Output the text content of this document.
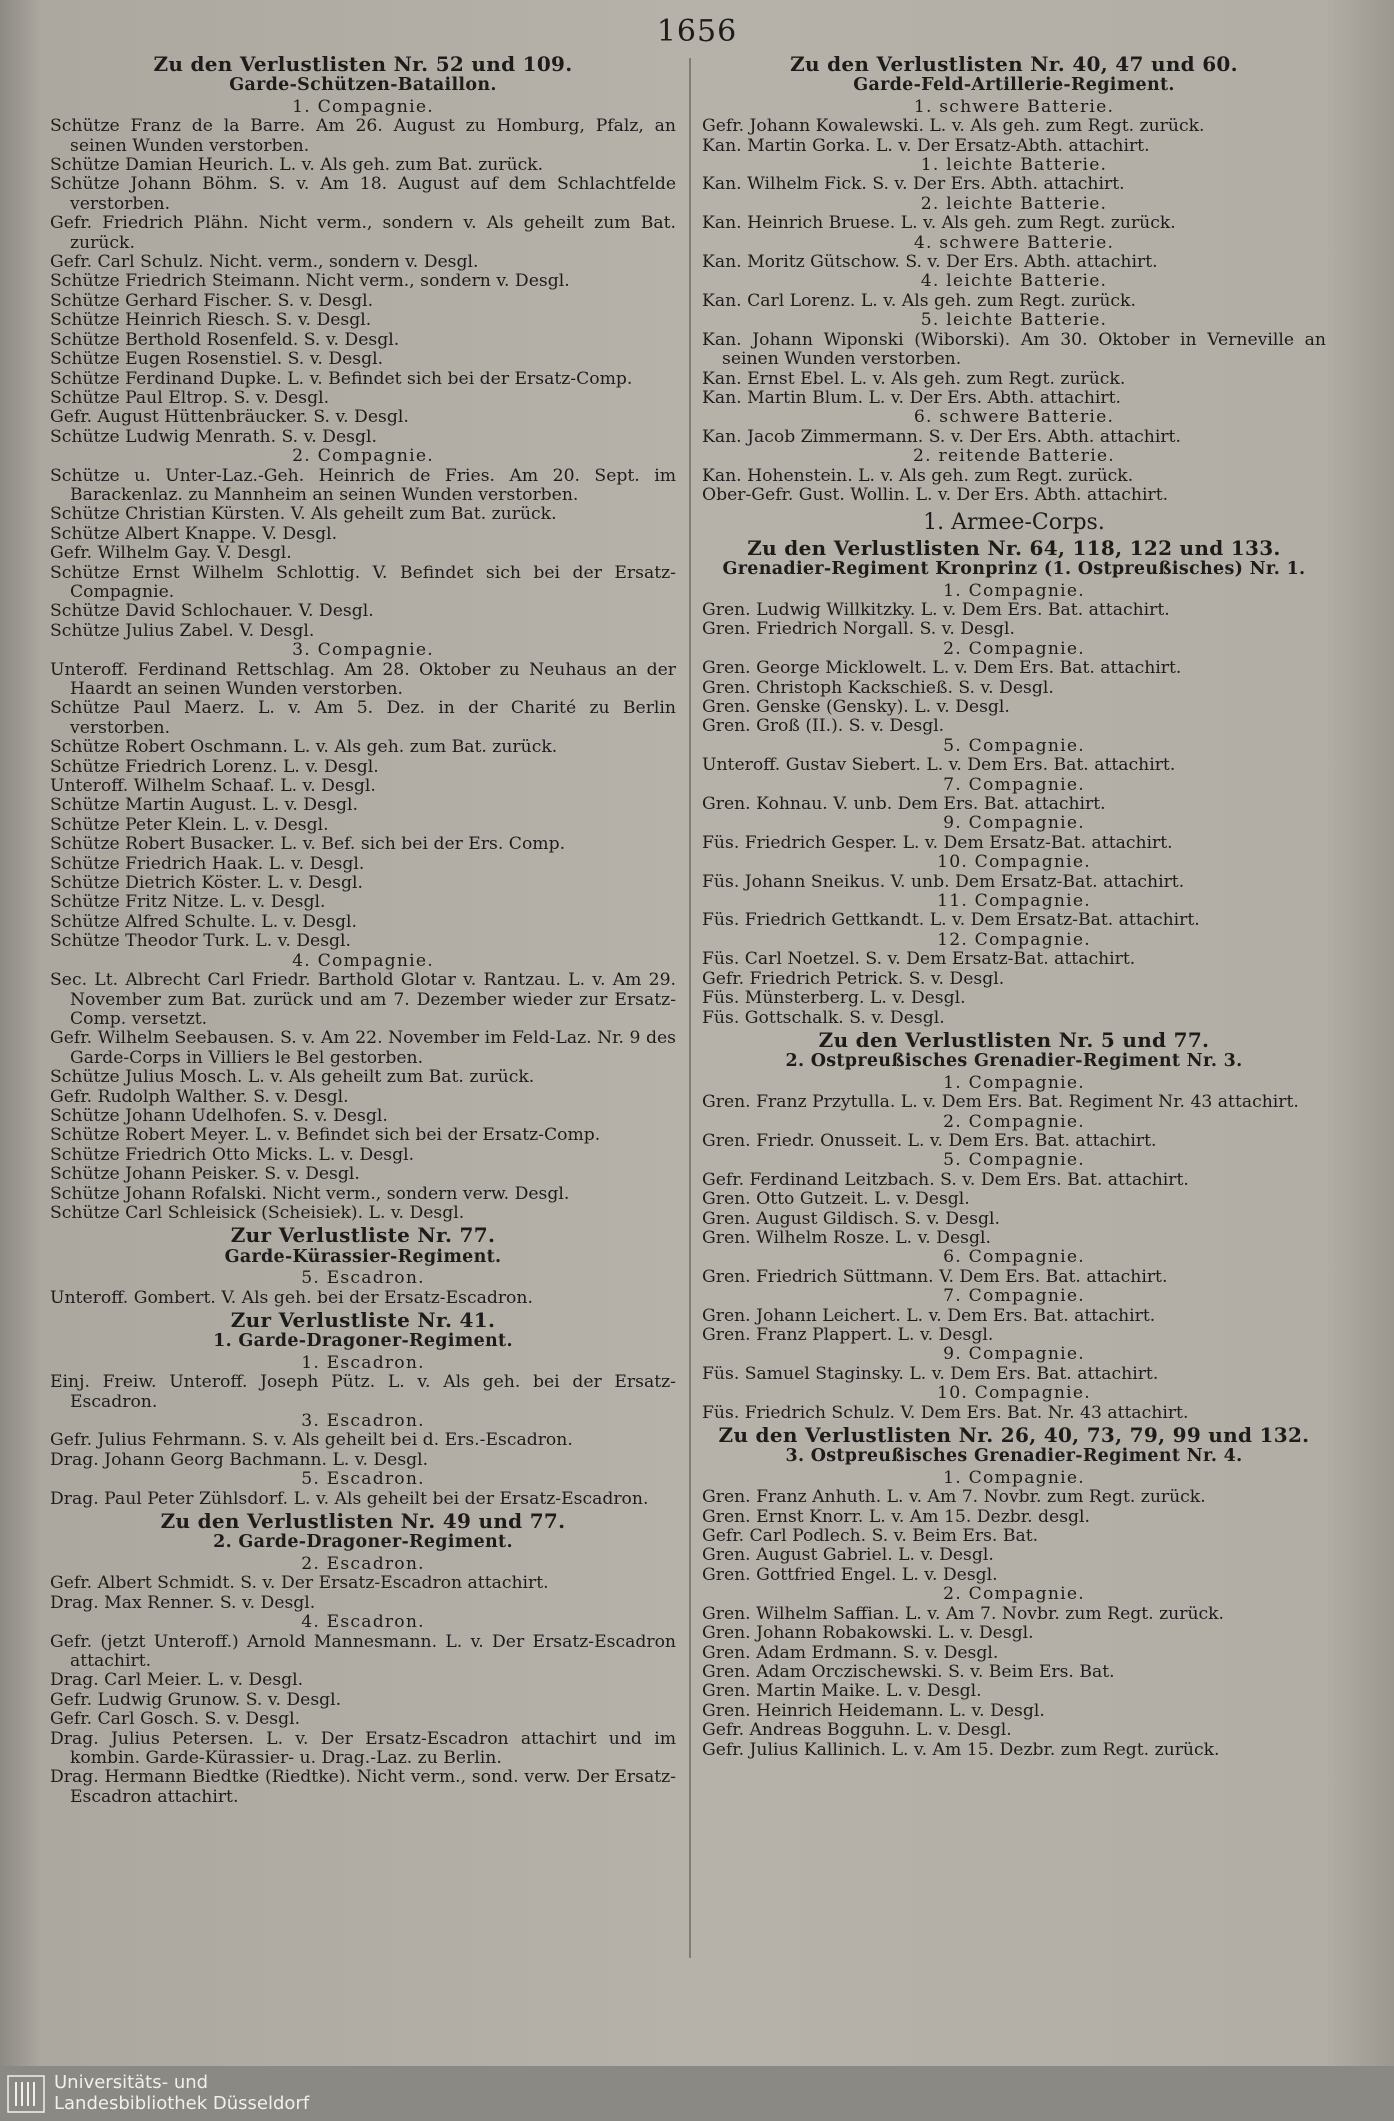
1656
Zu den Verlustlisten Nr. 52 und 109.
Garde-Schützen-Bataillon.
1. Compagnie.
Schütze Franz de la Barre. Am 26. August zu Homburg, Pfalz, an seinen Wunden verstorben.
Schütze Damian Heurich. L. v. Als geh. zum Bat. zurück.
Schütze Johann Böhm. S. v. Am 18. August auf dem Schlachtfelde verstorben.
Gefr. Friedrich Plähn. Nicht verm., sondern v. Als geheilt zum Bat. zurück.
Gefr. Carl Schulz. Nicht. verm., sondern v. Desgl.
Schütze Friedrich Steimann. Nicht verm., sondern v. Desgl.
Schütze Gerhard Fischer. S. v. Desgl.
Schütze Heinrich Riesch. S. v. Desgl.
Schütze Berthold Rosenfeld. S. v. Desgl.
Schütze Eugen Rosenstiel. S. v. Desgl.
Schütze Ferdinand Dupke. L. v. Befindet sich bei der Ersatz-Comp.
Schütze Paul Eltrop. S. v. Desgl.
Gefr. August Hüttenbräucker. S. v. Desgl.
Schütze Ludwig Menrath. S. v. Desgl.
2. Compagnie.
Schütze u. Unter-Laz.-Geh. Heinrich de Fries. Am 20. Sept. im Barackenlaz. zu Mannheim an seinen Wunden verstorben.
Schütze Christian Kürsten. V. Als geheilt zum Bat. zurück.
Schütze Albert Knappe. V. Desgl.
Gefr. Wilhelm Gay. V. Desgl.
Schütze Ernst Wilhelm Schlottig. V. Befindet sich bei der Ersatz-Compagnie.
Schütze David Schlochauer. V. Desgl.
Schütze Julius Zabel. V. Desgl.
3. Compagnie.
Unteroff. Ferdinand Rettschlag. Am 28. Oktober zu Neuhaus an der Haardt an seinen Wunden verstorben.
Schütze Paul Maerz. L. v. Am 5. Dez. in der Charité zu Berlin verstorben.
Schütze Robert Oschmann. L. v. Als geh. zum Bat. zurück.
Schütze Friedrich Lorenz. L. v. Desgl.
Unteroff. Wilhelm Schaaf. L. v. Desgl.
Schütze Martin August. L. v. Desgl.
Schütze Peter Klein. L. v. Desgl.
Schütze Robert Busacker. L. v. Bef. sich bei der Ers. Comp.
Schütze Friedrich Haak. L. v. Desgl.
Schütze Dietrich Köster. L. v. Desgl.
Schütze Fritz Nitze. L. v. Desgl.
Schütze Alfred Schulte. L. v. Desgl.
Schütze Theodor Turk. L. v. Desgl.
4. Compagnie.
Sec. Lt. Albrecht Carl Friedr. Barthold Glotar v. Rantzau. L. v. Am 29. November zum Bat. zurück und am 7. Dezember wieder zur Ersatz-Comp. versetzt.
Gefr. Wilhelm Seebausen. S. v. Am 22. November im Feld-Laz. Nr. 9 des Garde-Corps in Villiers le Bel gestorben.
Schütze Julius Mosch. L. v. Als geheilt zum Bat. zurück.
Gefr. Rudolph Walther. S. v. Desgl.
Schütze Johann Udelhofen. S. v. Desgl.
Schütze Robert Meyer. L. v. Befindet sich bei der Ersatz-Comp.
Schütze Friedrich Otto Micks. L. v. Desgl.
Schütze Johann Peisker. S. v. Desgl.
Schütze Johann Rofalski. Nicht verm., sondern verw. Desgl.
Schütze Carl Schleisick (Scheisiek). L. v. Desgl.
Zur Verlustliste Nr. 77.
Garde-Kürassier-Regiment.
5. Escadron.
Unteroff. Gombert. V. Als geh. bei der Ersatz-Escadron.
Zur Verlustliste Nr. 41.
1. Garde-Dragoner-Regiment.
1. Escadron.
Einj. Freiw. Unteroff. Joseph Pütz. L. v. Als geh. bei der Ersatz-Escadron.
3. Escadron.
Gefr. Julius Fehrmann. S. v. Als geheilt bei d. Ers.-Escadron.
Drag. Johann Georg Bachmann. L. v. Desgl.
5. Escadron.
Drag. Paul Peter Zühlsdorf. L. v. Als geheilt bei der Ersatz-Escadron.
Zu den Verlustlisten Nr. 49 und 77.
2. Garde-Dragoner-Regiment.
2. Escadron.
Gefr. Albert Schmidt. S. v. Der Ersatz-Escadron attachirt.
Drag. Max Renner. S. v. Desgl.
4. Escadron.
Gefr. (jetzt Unteroff.) Arnold Mannesmann. L. v. Der Ersatz-Escadron attachirt.
Drag. Carl Meier. L. v. Desgl.
Gefr. Ludwig Grunow. S. v. Desgl.
Gefr. Carl Gosch. S. v. Desgl.
Drag. Julius Petersen. L. v. Der Ersatz-Escadron attachirt und im kombin. Garde-Kürassier- u. Drag.-Laz. zu Berlin.
Drag. Hermann Biedtke (Riedtke). Nicht verm., sond. verw. Der Ersatz-Escadron attachirt.
Zu den Verlustlisten Nr. 40, 47 und 60.
Garde-Feld-Artillerie-Regiment.
1. schwere Batterie.
Gefr. Johann Kowalewski. L. v. Als geh. zum Regt. zurück.
Kan. Martin Gorka. L. v. Der Ersatz-Abth. attachirt.
1. leichte Batterie.
Kan. Wilhelm Fick. S. v. Der Ers. Abth. attachirt.
2. leichte Batterie.
Kan. Heinrich Bruese. L. v. Als geh. zum Regt. zurück.
4. schwere Batterie.
Kan. Moritz Gütschow. S. v. Der Ers. Abth. attachirt.
4. leichte Batterie.
Kan. Carl Lorenz. L. v. Als geh. zum Regt. zurück.
5. leichte Batterie.
Kan. Johann Wiponski (Wiborski). Am 30. Oktober in Verneville an seinen Wunden verstorben.
Kan. Ernst Ebel. L. v. Als geh. zum Regt. zurück.
Kan. Martin Blum. L. v. Der Ers. Abth. attachirt.
6. schwere Batterie.
Kan. Jacob Zimmermann. S. v. Der Ers. Abth. attachirt.
2. reitende Batterie.
Kan. Hohenstein. L. v. Als geh. zum Regt. zurück.
Ober-Gefr. Gust. Wollin. L. v. Der Ers. Abth. attachirt.
1. Armee-Corps.
Zu den Verlustlisten Nr. 64, 118, 122 und 133.
Grenadier-Regiment Kronprinz (1. Ostpreußisches) Nr. 1.
1. Compagnie.
Gren. Ludwig Willkitzky. L. v. Dem Ers. Bat. attachirt.
Gren. Friedrich Norgall. S. v. Desgl.
2. Compagnie.
Gren. George Micklowelt. L. v. Dem Ers. Bat. attachirt.
Gren. Christoph Kackschieß. S. v. Desgl.
Gren. Genske (Gensky). L. v. Desgl.
Gren. Groß (II.). S. v. Desgl.
5. Compagnie.
Unteroff. Gustav Siebert. L. v. Dem Ers. Bat. attachirt.
7. Compagnie.
Gren. Kohnau. V. unb. Dem Ers. Bat. attachirt.
9. Compagnie.
Füs. Friedrich Gesper. L. v. Dem Ersatz-Bat. attachirt.
10. Compagnie.
Füs. Johann Sneikus. V. unb. Dem Ersatz-Bat. attachirt.
11. Compagnie.
Füs. Friedrich Gettkandt. L. v. Dem Ersatz-Bat. attachirt.
12. Compagnie.
Füs. Carl Noetzel. S. v. Dem Ersatz-Bat. attachirt.
Gefr. Friedrich Petrick. S. v. Desgl.
Füs. Münsterberg. L. v. Desgl.
Füs. Gottschalk. S. v. Desgl.
Zu den Verlustlisten Nr. 5 und 77.
2. Ostpreußisches Grenadier-Regiment Nr. 3.
1. Compagnie.
Gren. Franz Przytulla. L. v. Dem Ers. Bat. Regiment Nr. 43 attachirt.
2. Compagnie.
Gren. Friedr. Onusseit. L. v. Dem Ers. Bat. attachirt.
5. Compagnie.
Gefr. Ferdinand Leitzbach. S. v. Dem Ers. Bat. attachirt.
Gren. Otto Gutzeit. L. v. Desgl.
Gren. August Gildisch. S. v. Desgl.
Gren. Wilhelm Rosze. L. v. Desgl.
6. Compagnie.
Gren. Friedrich Süttmann. V. Dem Ers. Bat. attachirt.
7. Compagnie.
Gren. Johann Leichert. L. v. Dem Ers. Bat. attachirt.
Gren. Franz Plappert. L. v. Desgl.
9. Compagnie.
Füs. Samuel Staginsky. L. v. Dem Ers. Bat. attachirt.
10. Compagnie.
Füs. Friedrich Schulz. V. Dem Ers. Bat. Nr. 43 attachirt.
Zu den Verlustlisten Nr. 26, 40, 73, 79, 99 und 132.
3. Ostpreußisches Grenadier-Regiment Nr. 4.
1. Compagnie.
Gren. Franz Anhuth. L. v. Am 7. Novbr. zum Regt. zurück.
Gren. Ernst Knorr. L. v. Am 15. Dezbr. desgl.
Gefr. Carl Podlech. S. v. Beim Ers. Bat.
Gren. August Gabriel. L. v. Desgl.
Gren. Gottfried Engel. L. v. Desgl.
2. Compagnie.
Gren. Wilhelm Saffian. L. v. Am 7. Novbr. zum Regt. zurück.
Gren. Johann Robakowski. L. v. Desgl.
Gren. Adam Erdmann. S. v. Desgl.
Gren. Adam Orczischewski. S. v. Beim Ers. Bat.
Gren. Martin Maike. L. v. Desgl.
Gren. Heinrich Heidemann. L. v. Desgl.
Gefr. Andreas Bogguhn. L. v. Desgl.
Gefr. Julius Kallinich. L. v. Am 15. Dezbr. zum Regt. zurück.
Universitäts- und
Landesbibliothek Düsseldorf
